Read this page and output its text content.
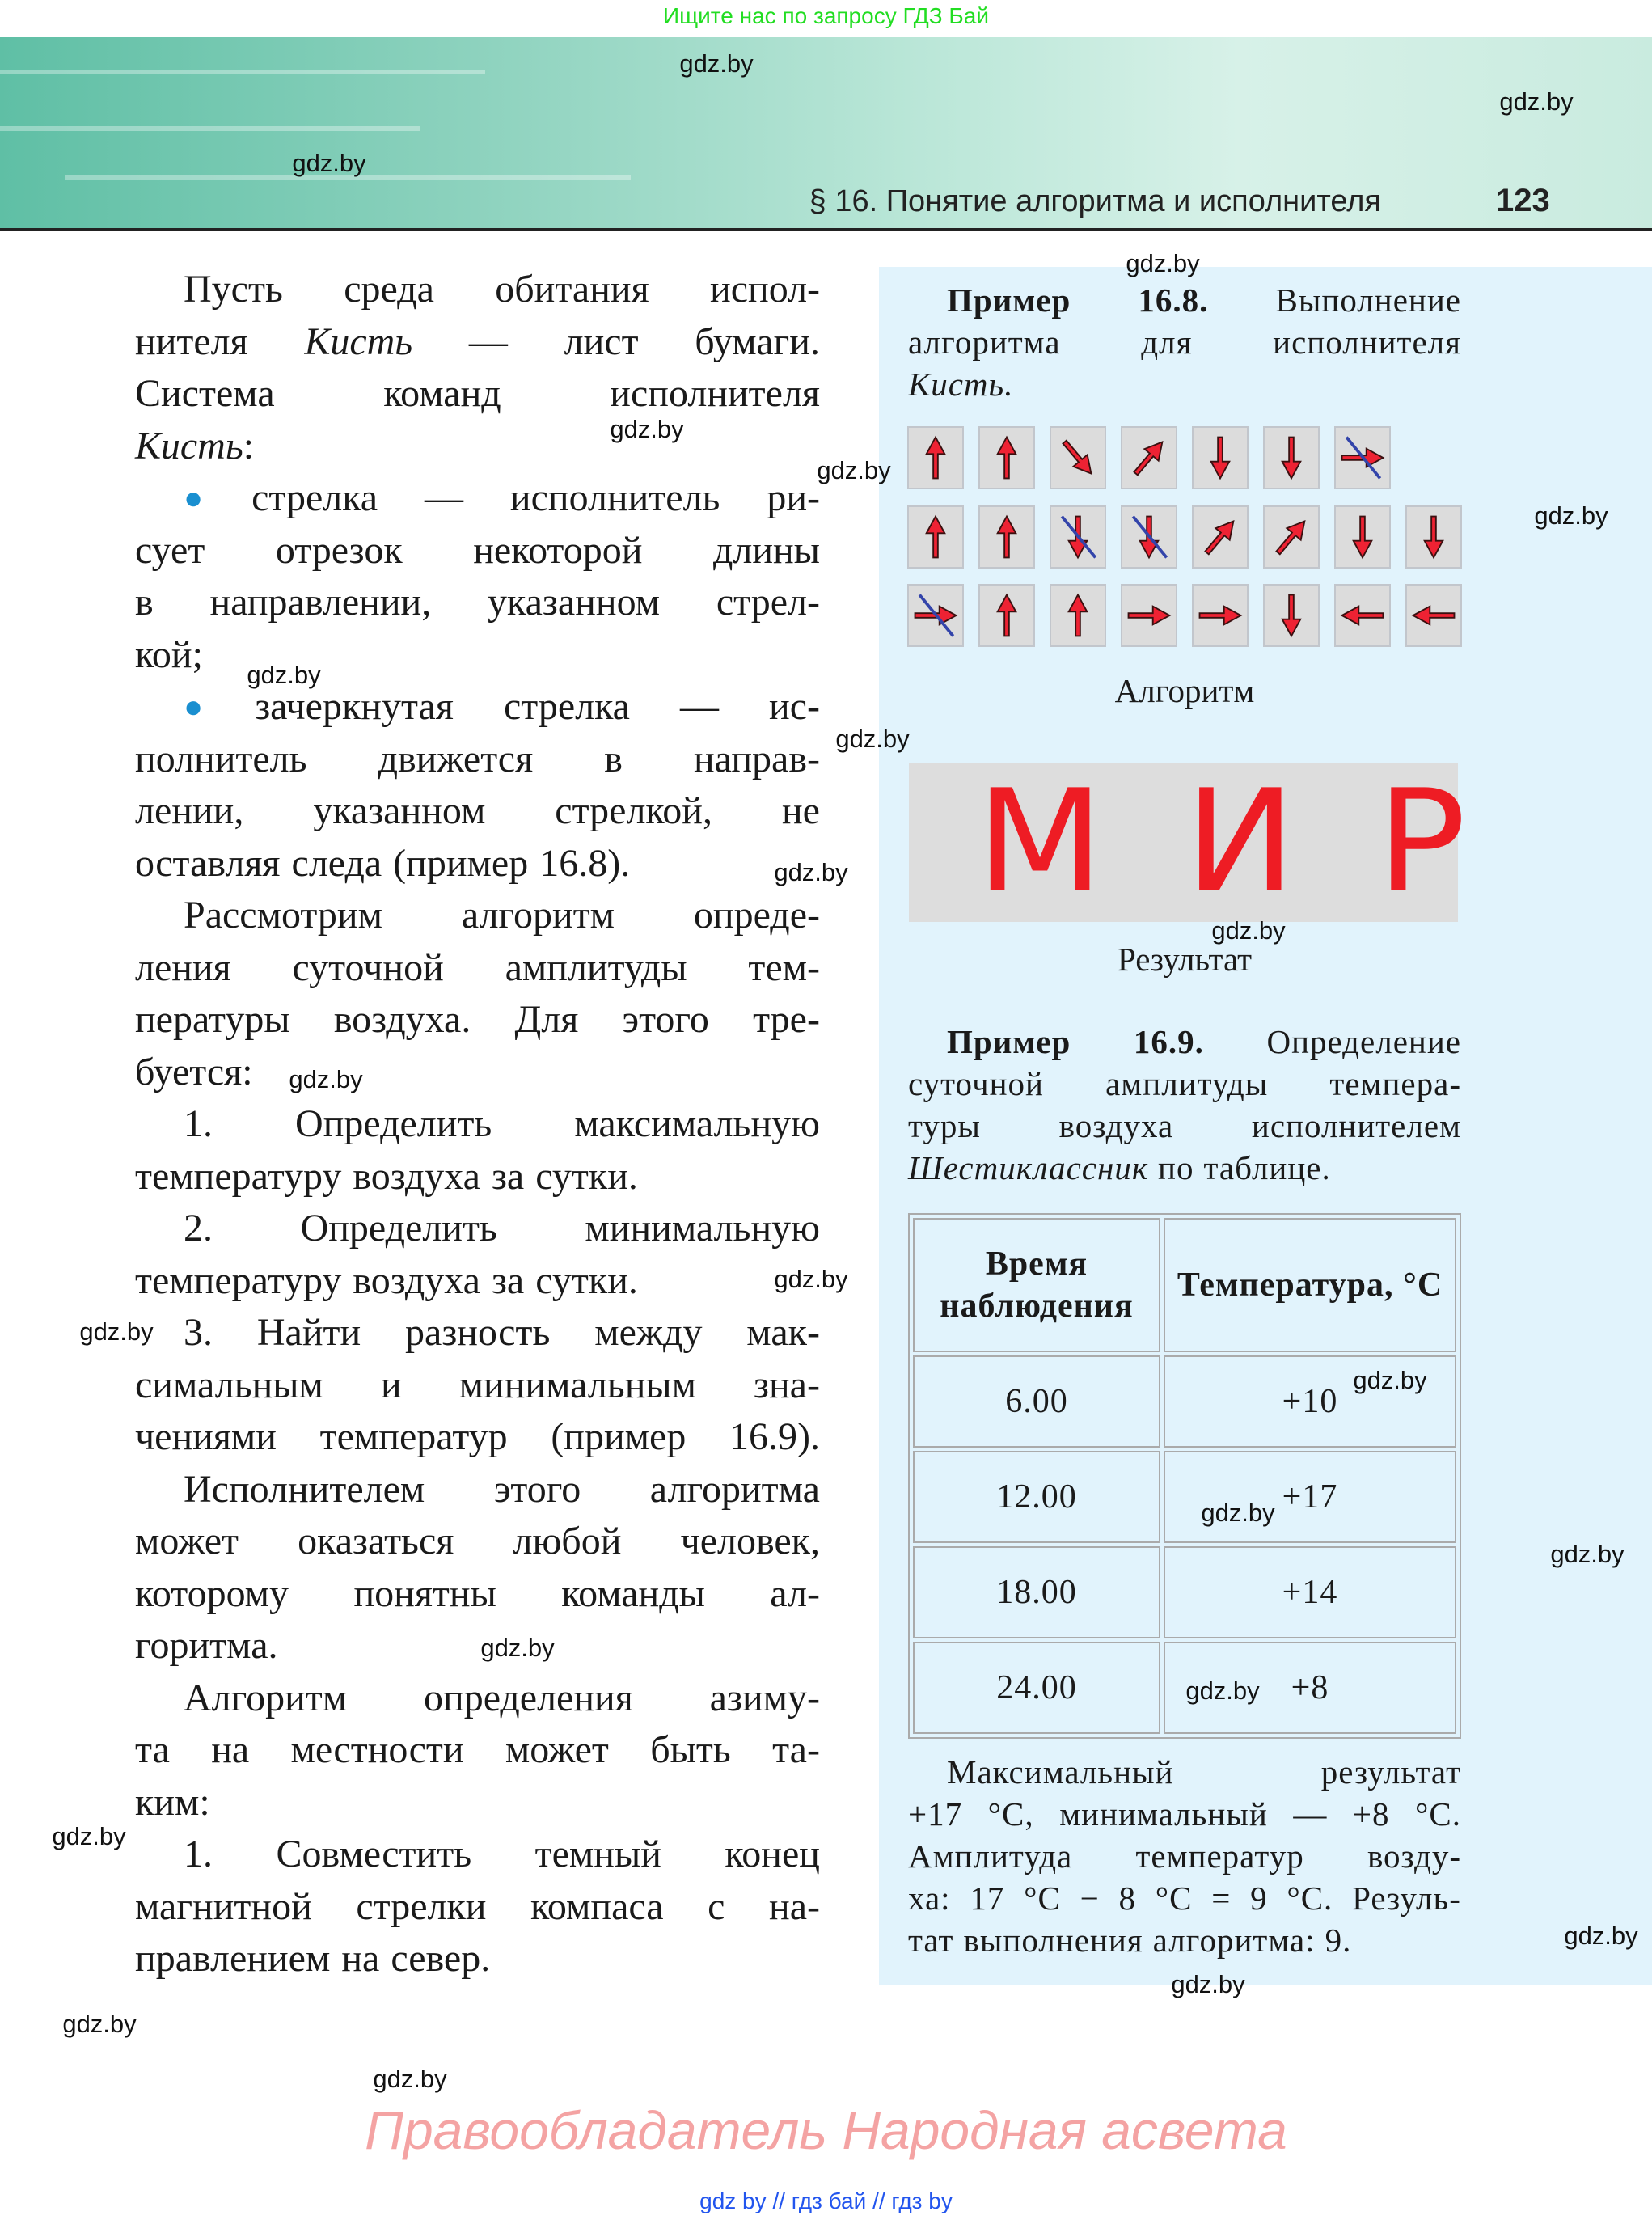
Ищите нас по запросу ГДЗ Бай
§ 16. Понятие алгоритма и исполнителя	123
Пусть среда обитания испол-
нителя Кисть — лист бумаги.
Система	команд	исполнителя
Кисть:
● стрелка — исполнитель ри-
сует отрезок некоторой длины
в направлении, указанном стрел-
кой;
● зачеркнутая стрелка — ис-
полнитель движется в направ-
лении, указанном стрелкой, не
оставляя следа (пример 16.8).
Рассмотрим алгоритм опреде-
ления суточной амплитуды тем-
пературы воздуха. Для этого тре-
буется:
1. Определить максимальную
температуру воздуха за сутки.
2. Определить минимальную
температуру воздуха за сутки.
3. Найти разность между мак-
симальным и минимальным зна-
чениями температур (пример 16.9).
Исполнителем этого алгоритма
может оказаться любой человек,
которому понятны команды ал-
горитма.
Алгоритм определения азиму-
та на местности может быть та-
ким:
1. Совместить темный конец
магнитной стрелки компаса с на-
правлением на север.
Пример 16.8. Выполнение
алгоритма для исполнителя
Кисть.
Алгоритм
МИР
Результат
Пример 16.9. Определение
суточной амплитуды темпера-
туры воздуха исполнителем
Шестиклассник по таблице.
Время наблюдения	Температура, °С
6.00	+10
12.00	+17
18.00	+14
24.00	+8
Максимальный	результат
+17 °С, минимальный — +8 °С.
Амплитуда температур возду-
ха: 17 °С − 8 °С = 9 °С. Резуль-
тат выполнения алгоритма: 9.
gdz.by
gdz.by
gdz.by
gdz.by
gdz.by
gdz.by
gdz.by
gdz.by
gdz.by
gdz.by
gdz.by
gdz.by
gdz.by
gdz.by
gdz.by
gdz.by
gdz.by
gdz.by
gdz.by
gdz.by
gdz.by
gdz.by
gdz.by
gdz.by
Правообладатель Народная асвета
gdz by // гдз бай // гдз by
